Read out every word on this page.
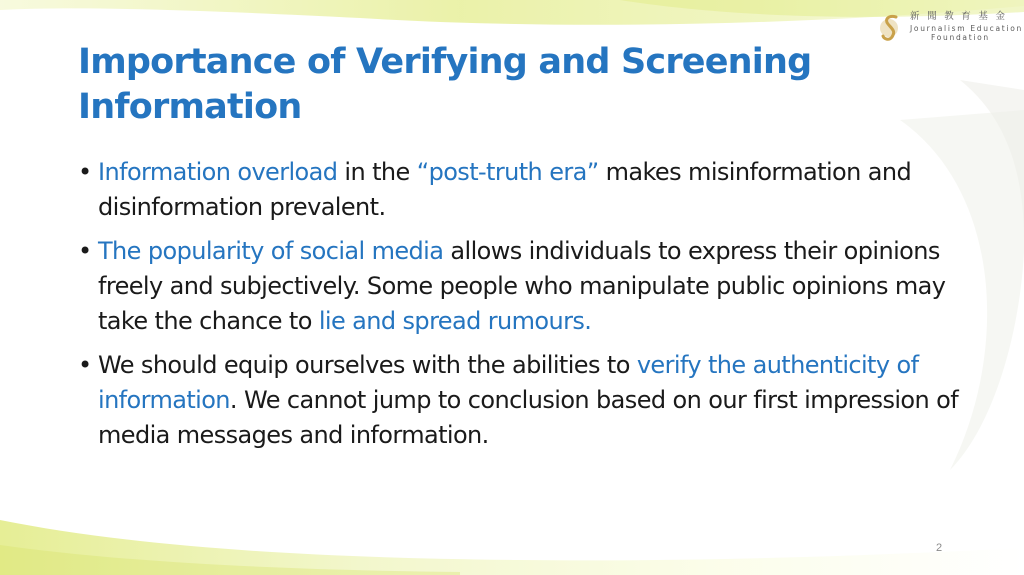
新聞教育基金
Journalism Education
Foundation
Importance of Verifying and Screening Information
• Information overload in the “post-truth era” makes misinformation and disinformation prevalent.
• The popularity of social media allows individuals to express their opinions freely and subjectively. Some people who manipulate public opinions may take the chance to lie and spread rumours.
• We should equip ourselves with the abilities to verify the authenticity of information. We cannot jump to conclusion based on our first impression of media messages and information.
2
